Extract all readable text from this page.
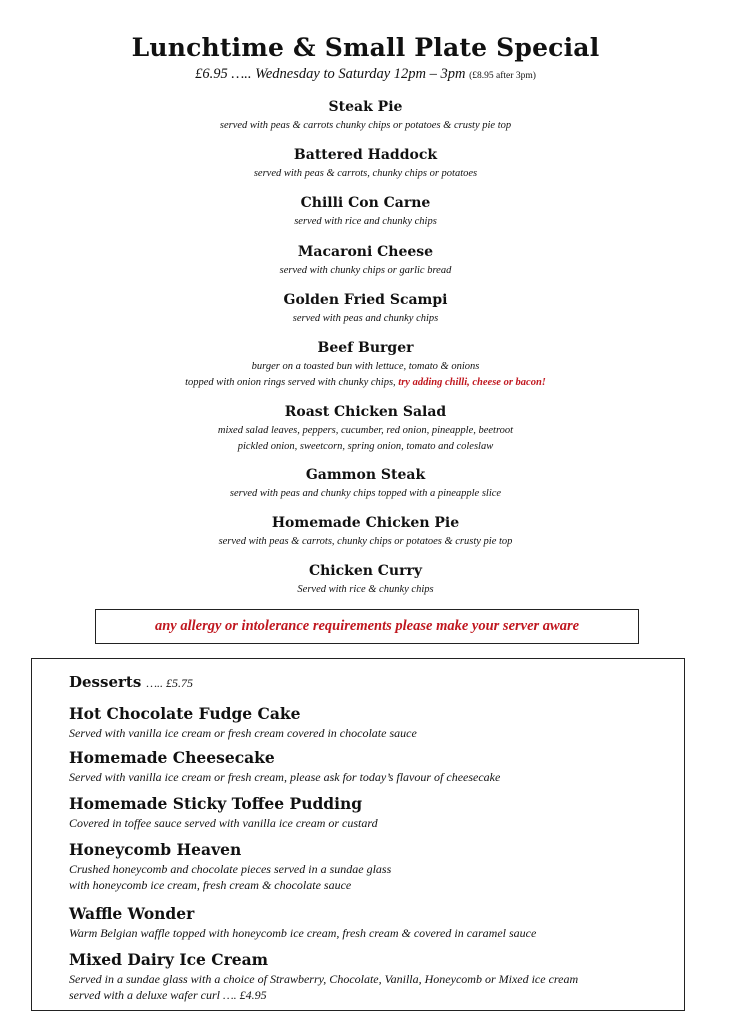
Lunchtime & Small Plate Special
£6.95 ….. Wednesday to Saturday 12pm – 3pm (£8.95 after 3pm)
Steak Pie
served with peas & carrots chunky chips or potatoes & crusty pie top
Battered Haddock
served with peas & carrots, chunky chips or potatoes
Chilli Con Carne
served with rice and chunky chips
Macaroni Cheese
served with chunky chips or garlic bread
Golden Fried Scampi
served with peas and chunky chips
Beef Burger
burger on a toasted bun with lettuce, tomato & onions
topped with onion rings served with chunky chips, try adding chilli, cheese or bacon!
Roast Chicken Salad
mixed salad leaves, peppers, cucumber, red onion, pineapple, beetroot
pickled onion, sweetcorn, spring onion, tomato and coleslaw
Gammon Steak
served with peas and chunky chips topped with a pineapple slice
Homemade Chicken Pie
served with peas & carrots, chunky chips or potatoes & crusty pie top
Chicken Curry
Served with rice & chunky chips
any allergy or intolerance requirements please make your server aware
Desserts ….. £5.75
Hot Chocolate Fudge Cake
Served with vanilla ice cream or fresh cream covered in chocolate sauce
Homemade Cheesecake
Served with vanilla ice cream or fresh cream, please ask for today’s flavour of cheesecake
Homemade Sticky Toffee Pudding
Covered in toffee sauce served with vanilla ice cream or custard
Honeycomb Heaven
Crushed honeycomb and chocolate pieces served in a sundae glass
with honeycomb ice cream, fresh cream & chocolate sauce
Waffle Wonder
Warm Belgian waffle topped with honeycomb ice cream, fresh cream & covered in caramel sauce
Mixed Dairy Ice Cream
Served in a sundae glass with a choice of Strawberry, Chocolate, Vanilla, Honeycomb or Mixed ice cream
served with a deluxe wafer curl …. £4.95
